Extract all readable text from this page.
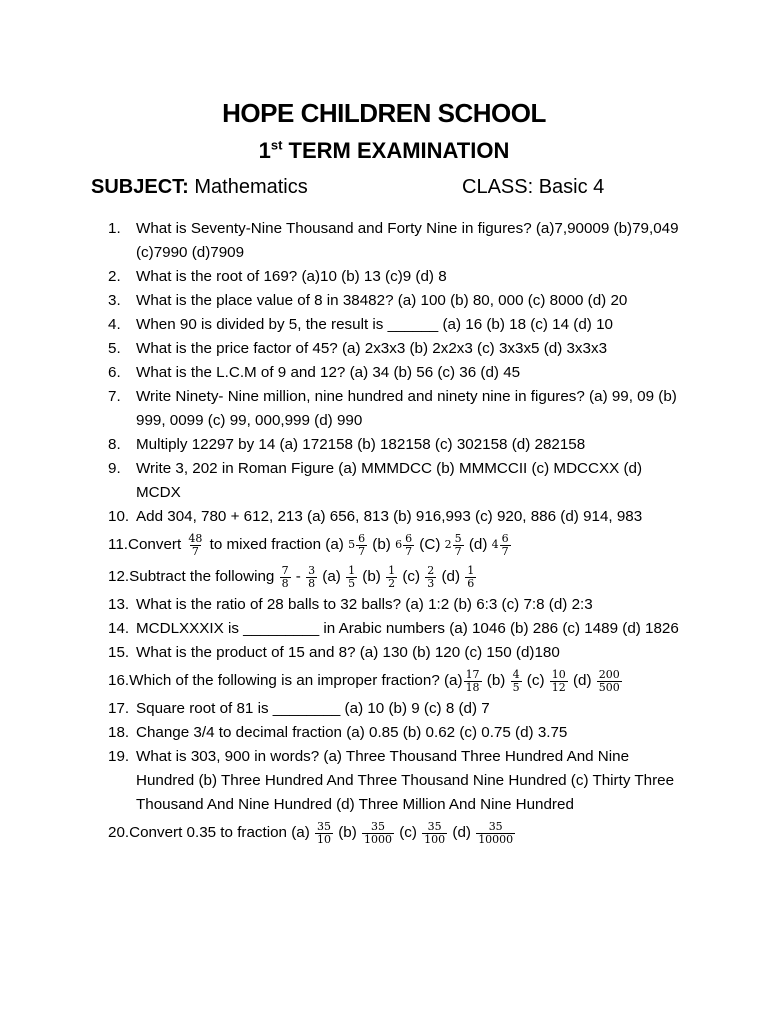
HOPE CHILDREN SCHOOL
1st TERM EXAMINATION
SUBJECT: Mathematics	CLASS: Basic 4
1.	What is Seventy-Nine Thousand and Forty Nine in figures? (a)7,90009 (b)79,049 (c)7990 (d)7909
2.	What is the root of 169? (a)10 (b) 13 (c)9 (d) 8
3.	What is the place value of 8 in 38482? (a) 100 (b) 80, 000 (c) 8000 (d) 20
4.	When 90 is divided by 5, the result is ______ (a) 16 (b) 18 (c) 14 (d) 10
5.	What is the price factor of 45? (a) 2x3x3 (b) 2x2x3 (c) 3x3x5 (d) 3x3x3
6.	What is the L.C.M of 9 and 12? (a) 34 (b) 56 (c) 36 (d) 45
7.	Write Ninety- Nine million, nine hundred and ninety nine in figures? (a) 99, 09 (b) 999, 0099 (c) 99, 000,999 (d) 990
8.	Multiply 12297 by 14 (a) 172158 (b) 182158 (c) 302158 (d) 282158
9.	Write 3, 202 in Roman Figure (a) MMMDCC (b) MMMCCII (c) MDCCXX (d) MCDX
10. Add 304, 780 + 612, 213 (a) 656, 813 (b) 916,993 (c) 920, 886 (d) 914, 983
11.Convert $\frac{48}{7}$ to mixed fraction (a) $5 \frac{6}{7} (b)$ $6 \frac{6}{7} (C)$ $2 \frac{5}{7} (d)$ $4 \frac{6}{7}$
12.Subtract the following $\frac{7}{8} - \frac{3}{8} (a) \frac{1}{5} (b) \frac{1}{2} (c) \frac{2}{3} (d) \frac{1}{6}$
13. What is the ratio of 28 balls to 32 balls? (a) 1:2 (b) 6:3 (c) 7:8 (d) 2:3
14. MCDLXXXIX is _________ in Arabic numbers (a) 1046 (b) 286 (c) 1489 (d) 1826
15. What is the product of 15 and 8? (a) 130 (b) 120 (c) 150 (d)180
16.Which of the following is an improper fraction? $(a) \frac{17}{18} (b) \frac{4}{5} (c) \frac{10}{12} (d) \frac{200}{500}$
17. Square root of 81 is ________ (a) 10 (b) 9 (c) 8 (d) 7
18. Change 3/4 to decimal fraction (a) 0.85 (b) 0.62 (c) 0.75 (d) 3.75
19. What is 303, 900 in words? (a) Three Thousand Three Hundred And Nine Hundred (b) Three Hundred And Three Thousand Nine Hundred (c) Thirty Three Thousand And Nine Hundred (d) Three Million And Nine Hundred
20.Convert 0.35 to fraction $(a) \frac{35}{10} (b) \frac{35}{1000} (c) \frac{35}{100} (d) \frac{35}{10000}$
